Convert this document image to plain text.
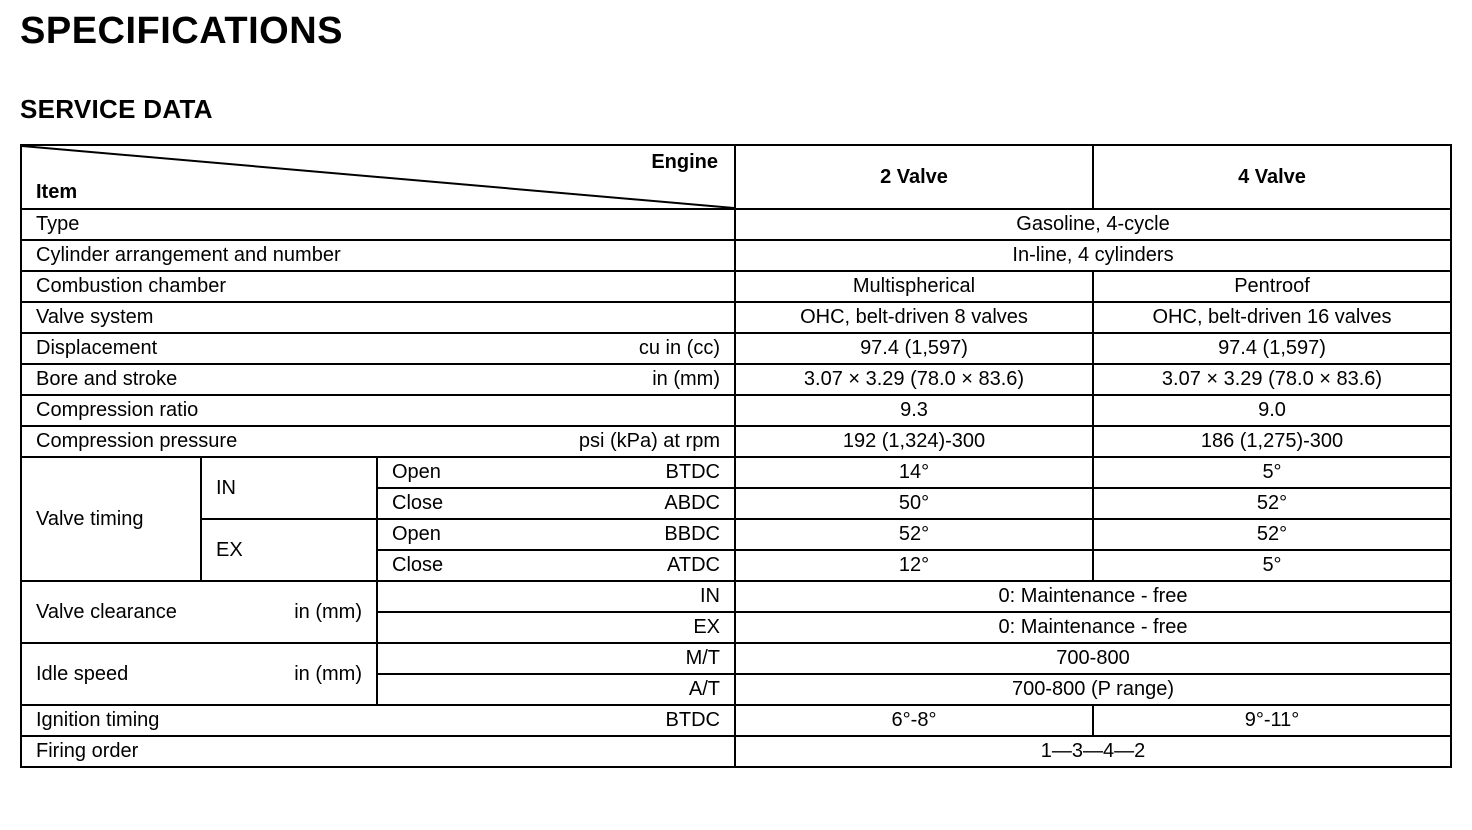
SPECIFICATIONS
SERVICE DATA
Engine
Item			2 Valve	4 Valve
Type			Gasoline, 4-cycle	
Cylinder arrangement and number			In-line, 4 cylinders	
Combustion chamber			Multispherical	Pentroof
Valve system			OHC, belt-driven 8 valves	OHC, belt-driven 16 valves

Displacement cu in (cc)			97.4 (1,597)	97.4 (1,597)

Bore and stroke in (mm)			3.07 × 3.29 (78.0 × 83.6)	3.07 × 3.29 (78.0 × 83.6)
Compression ratio			9.3	9.0

Compression pressure psi (kPa) at rpm			192 (1,324)-300	186 (1,275)-300
Valve timing	IN	Open BTDC	14°	5°

		Close ABDC	50°	52°
	EX	Open BBDC	52°	52°

		Close ATDC	12°	5°

Valve clearance in (mm)		IN	0: Maintenance - free	
		EX	0: Maintenance - free	

Idle speed in (mm)		M/T	700-800	
		A/T	700-800 (P range)	

Ignition timing BTDC			6°-8°	9°-11°
Firing order			1—3—4—2	
